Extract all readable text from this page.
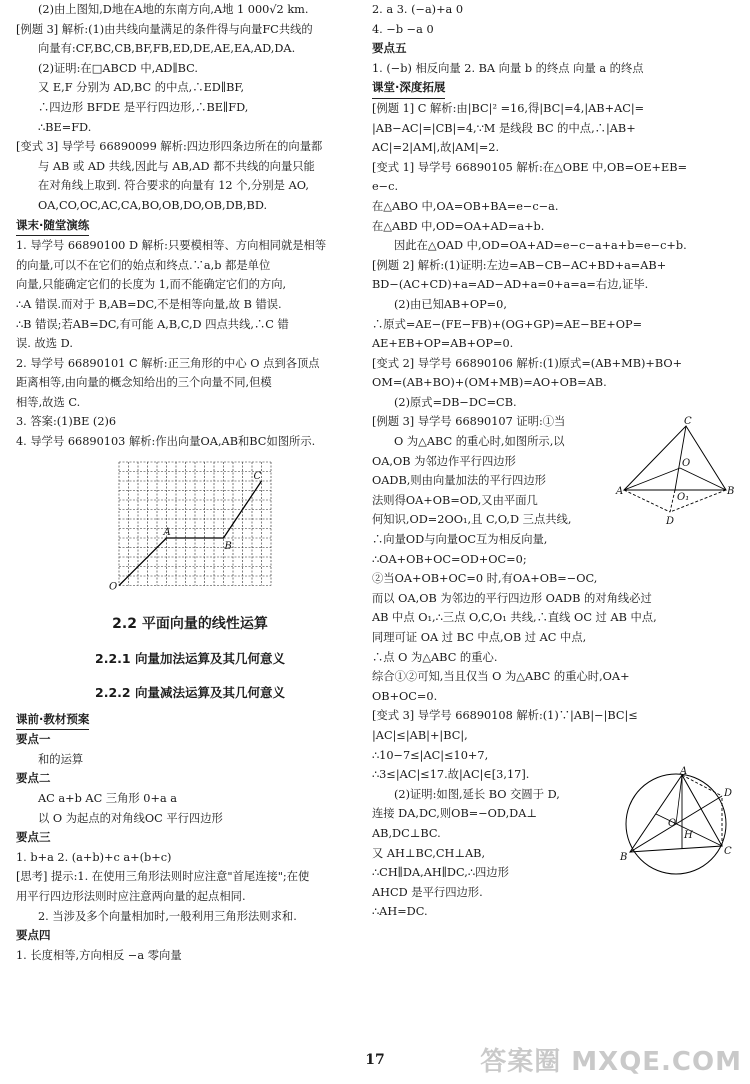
(2)由上图知,D地在A地的东南方向,A地 1 000√2 km.
[例题 3] 解析:(1)由共线向量满足的条件得与向量FC共线的
向量有:CF,BC,CB,BF,FB,ED,DE,AE,EA,AD,DA.
(2)证明:在□ABCD 中,AD∥BC.
又 E,F 分别为 AD,BC 的中点,∴ED∥BF,
∴四边形 BFDE 是平行四边形,∴BE∥FD,
∴BE=FD.
[变式 3] 导学号 66890099 解析:四边形四条边所在的向量都
与 AB 或 AD 共线,因此与 AB,AD 都不共线的向量只能
在对角线上取到. 符合要求的向量有 12 个,分别是 AO,
OA,CO,OC,AC,CA,BO,OB,DO,OB,DB,BD.
课末·随堂演练
1. 导学号 66890100 D 解析:只要模相等、方向相同就是相等
的向量,可以不在它们的始点和终点.∵a,b 都是单位
向量,只能确定它们的长度为 1,而不能确定它们的方向,
∴A 错误.而对于 B,AB=DC,不是相等向量,故 B 错误.
∴B 错误;若AB=DC,有可能 A,B,C,D 四点共线,∴C 错
误. 故选 D.
2. 导学号 66890101 C 解析:正三角形的中心 O 点到各顶点
距离相等,由向量的概念知给出的三个向量不同,但模
相等,故选 C.
3. 答案:(1)BE (2)6
4. 导学号 66890103 解析:作出向量OA,AB和BC如图所示.
O
A
B
C
2.2 平面向量的线性运算
2.2.1 向量加法运算及其几何意义
2.2.2 向量减法运算及其几何意义
课前·教材预案
要点一
和的运算
要点二
AC a+b AC 三角形 0+a a
以 O 为起点的对角线OC 平行四边形
要点三
1. b+a 2. (a+b)+c a+(b+c)
[思考] 提示:1. 在使用三角形法则时应注意"首尾连接";在使
用平行四边形法则时应注意两向量的起点相同.
2. 当涉及多个向量相加时,一般利用三角形法则求和.
要点四
1. 长度相等,方向相反 −a 零向量
2. a 3. (−a)+a 0
4. −b −a 0
要点五
1. (−b) 相反向量 2. BA 向量 b 的终点 向量 a 的终点
课堂·深度拓展
[例题 1] C 解析:由|BC|² =16,得|BC|=4,|AB+AC|=
|AB−AC|=|CB|=4,∵M 是线段 BC 的中点,∴|AB+
AC|=2|AM|,故|AM|=2.
[变式 1] 导学号 66890105 解析:在△OBE 中,OB=OE+EB=
e−c.
在△ABO 中,OA=OB+BA=e−c−a.
在△ABD 中,OD=OA+AD=a+b.
因此在△OAD 中,OD=OA+AD=e−c−a+a+b=e−c+b.
[例题 2] 解析:(1)证明:左边=AB−CB−AC+BD+a=AB+
BD−(AC+CD)+a=AD−AD+a=0+a=a=右边,证毕.
(2)由已知AB+OP=0,
∴原式=AE−(FE−FB)+(OG+GP)=AE−BE+OP=
AE+EB+OP=AB+OP=0.
[变式 2] 导学号 66890106 解析:(1)原式=(AB+MB)+BO+
OM=(AB+BO)+(OM+MB)=AO+OB=AB.
(2)原式=DB−DC=CB.
[例题 3] 导学号 66890107 证明:①当
O 为△ABC 的重心时,如图所示,以
OA,OB 为邻边作平行四边形
OADB,则由向量加法的平行四边形
法则得OA+OB=OD,又由平面几
何知识,OD=2OO₁,且 C,O,D 三点共线,
A	B
C
O
O₁
D
∴向量OD与向量OC互为相反向量,
∴OA+OB+OC=OD+OC=0;
②当OA+OB+OC=0 时,有OA+OB=−OC,
而以 OA,OB 为邻边的平行四边形 OADB 的对角线必过
AB 中点 O₁,∴三点 O,C,O₁ 共线,∴直线 OC 过 AB 中点,
同理可证 OA 过 BC 中点,OB 过 AC 中点,
∴点 O 为△ABC 的重心.
综合①②可知,当且仅当 O 为△ABC 的重心时,OA+
OB+OC=0.
[变式 3] 导学号 66890108 解析:(1)∵|AB|−|BC|≤
|AC|≤|AB|+|BC|,
∴10−7≤|AC|≤10+7,
∴3≤|AC|≤17.故|AC|∈[3,17].
(2)证明:如图,延长 BO 交圆于 D,
连接 DA,DC,则OB=−OD,DA⊥
AB,DC⊥BC.
又 AH⊥BC,CH⊥AB,
∴CH∥DA,AH∥DC,∴四边形
AHCD 是平行四边形.
∴AH=DC.
A
B
C
O
H
D
17	答案圈 MXQE.COM
